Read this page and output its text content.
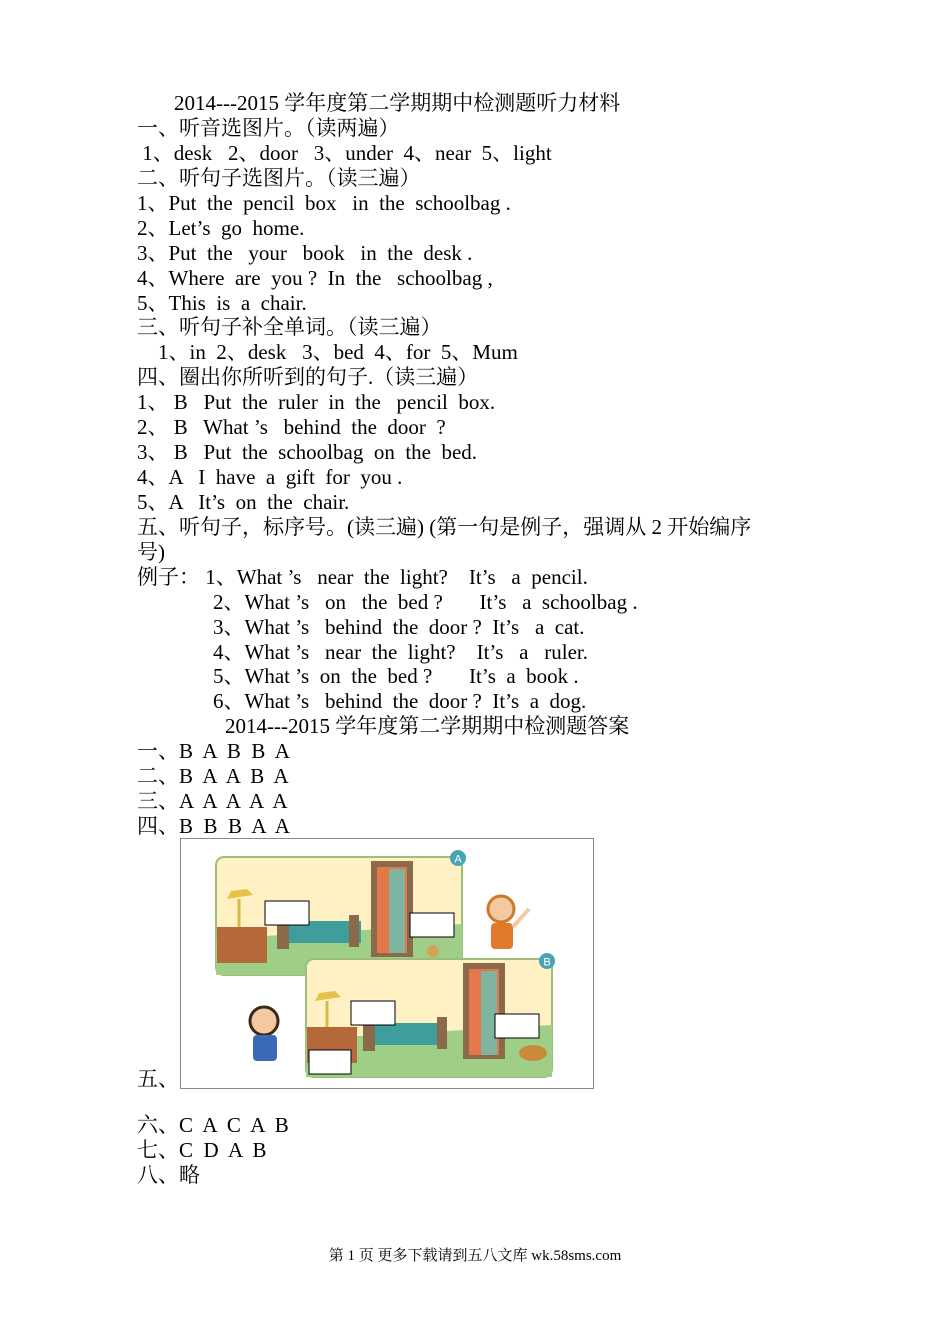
2014---2015 学年度第二学期期中检测题听力材料
一、听音选图片。（读两遍）
1、desk   2、door   3、under  4、near  5、light
二、听句子选图片。（读三遍）
1、Put  the  pencil  box   in  the  schoolbag .
2、Let’s  go  home.
3、Put  the   your   book   in  the  desk .
4、Where  are  you ?  In  the   schoolbag ,
5、This  is  a  chair.
三、听句子补全单词。（读三遍）
1、in  2、desk   3、bed  4、for  5、Mum
四、圈出你所听到的句子.（读三遍）
1、 B   Put  the  ruler  in  the   pencil  box.
2、 B   What ’s   behind  the  door  ?
3、 B   Put  the  schoolbag  on  the  bed.
4、A   I  have  a  gift  for  you .
5、A   It’s  on  the  chair.
五、听句子，标序号。(读三遍) (第一句是例子，强调从 2 开始编序
号)
例子： 1、What ’s   near  the  light?    It’s   a  pencil.
2、What ’s   on   the  bed ?       It’s   a  schoolbag .
3、What ’s   behind  the  door ?  It’s   a  cat.
4、What ’s   near  the  light?    It’s   a   ruler.
5、What ’s  on  the  bed ?       It’s  a  book .
6、What ’s   behind  the  door ?  It’s  a  dog.
2014---2015 学年度第二学期期中检测题答案
一、B  A  B  B  A
二、B  A  A  B  A
三、A  A  A  A  A
四、B  B  B  A  A
五、
A
B
六、C  A  C  A  B
七、C  D  A  B
八、略
第 1 页 更多下载请到五八文库 wk.58sms.com
